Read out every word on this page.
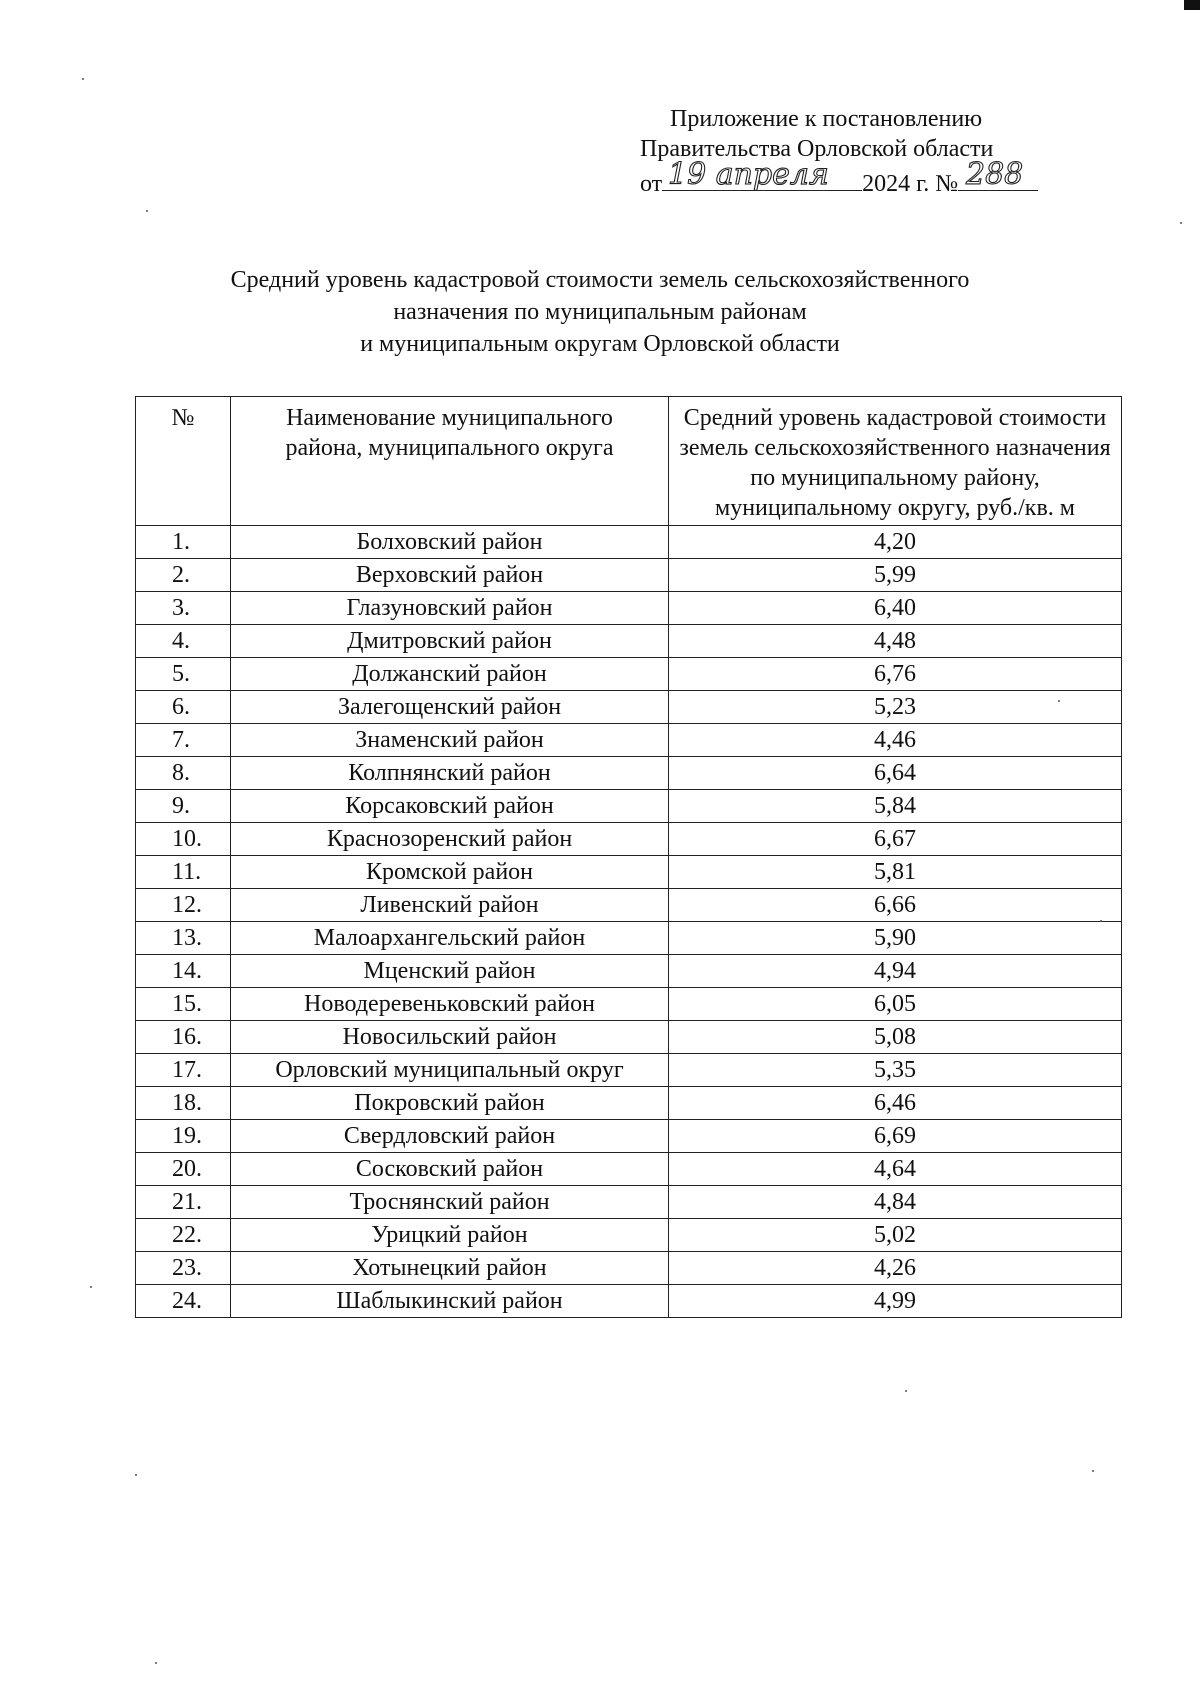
Приложение к постановлению
Правительства Орловской области
от 19 апреля 2024 г. № 288
Средний уровень кадастровой стоимости земель сельскохозяйственного
назначения по муниципальным районам
и муниципальным округам Орловской области
№	Наименование муниципального района, муниципального округа	Средний уровень кадастровой стоимости земель сельскохозяйственного назначения по муниципальному району, муниципальному округу, руб./кв. м
1.	Болховский район	4,20
2.	Верховский район	5,99
3.	Глазуновский район	6,40
4.	Дмитровский район	4,48
5.	Должанский район	6,76
6.	Залегощенский район	5,23
7.	Знаменский район	4,46
8.	Колпнянский район	6,64
9.	Корсаковский район	5,84
10.	Краснозоренский район	6,67
11.	Кромской район	5,81
12.	Ливенский район	6,66
13.	Малоархангельский район	5,90
14.	Мценский район	4,94
15.	Новодеревеньковский район	6,05
16.	Новосильский район	5,08
17.	Орловский муниципальный округ	5,35
18.	Покровский район	6,46
19.	Свердловский район	6,69
20.	Сосковский район	4,64
21.	Троснянский район	4,84
22.	Урицкий район	5,02
23.	Хотынецкий район	4,26
24.	Шаблыкинский район	4,99
